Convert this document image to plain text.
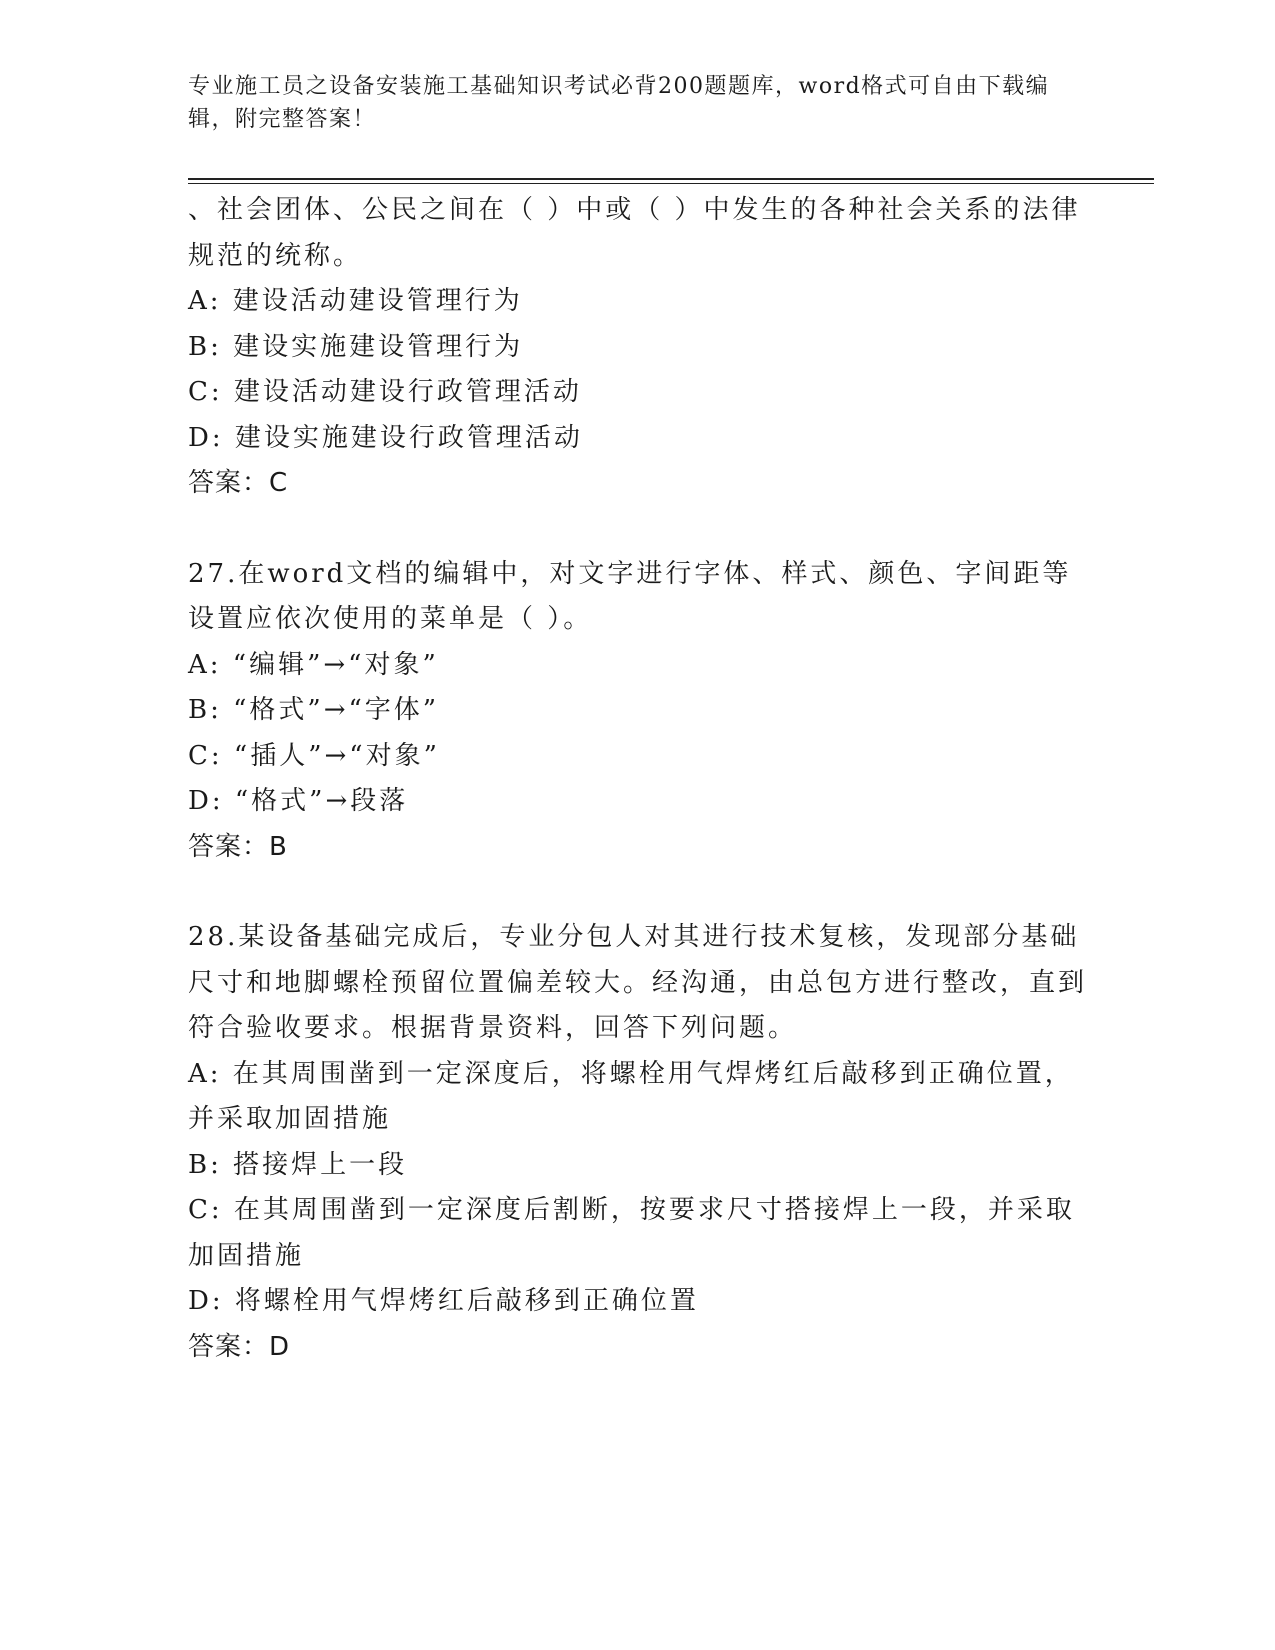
专业施工员之设备安装施工基础知识考试必背200题题库，word格式可自由下载编辑，附完整答案！

、社会团体、公民之间在（ ）中或（ ）中发生的各种社会关系的法律规范的统称。

A: 建设活动建设管理行为

B: 建设实施建设管理行为

C: 建设活动建设行政管理活动

D: 建设实施建设行政管理活动

答案：C

27.在word文档的编辑中，对文字进行字体、样式、颜色、字间距等设置应依次使用的菜单是（ ）。

A: “编辑”→“对象”

B: “格式”→“字体”

C: “插人”→“对象”

D: “格式”→段落

答案：B

28.某设备基础完成后，专业分包人对其进行技术复核，发现部分基础尺寸和地脚螺栓预留位置偏差较大。经沟通，由总包方进行整改，直到符合验收要求。根据背景资料，回答下列问题。

A: 在其周围凿到一定深度后，将螺栓用气焊烤红后敲移到正确位置，并采取加固措施

B: 搭接焊上一段

C: 在其周围凿到一定深度后割断，按要求尺寸搭接焊上一段，并采取加固措施

D: 将螺栓用气焊烤红后敲移到正确位置

答案：D
